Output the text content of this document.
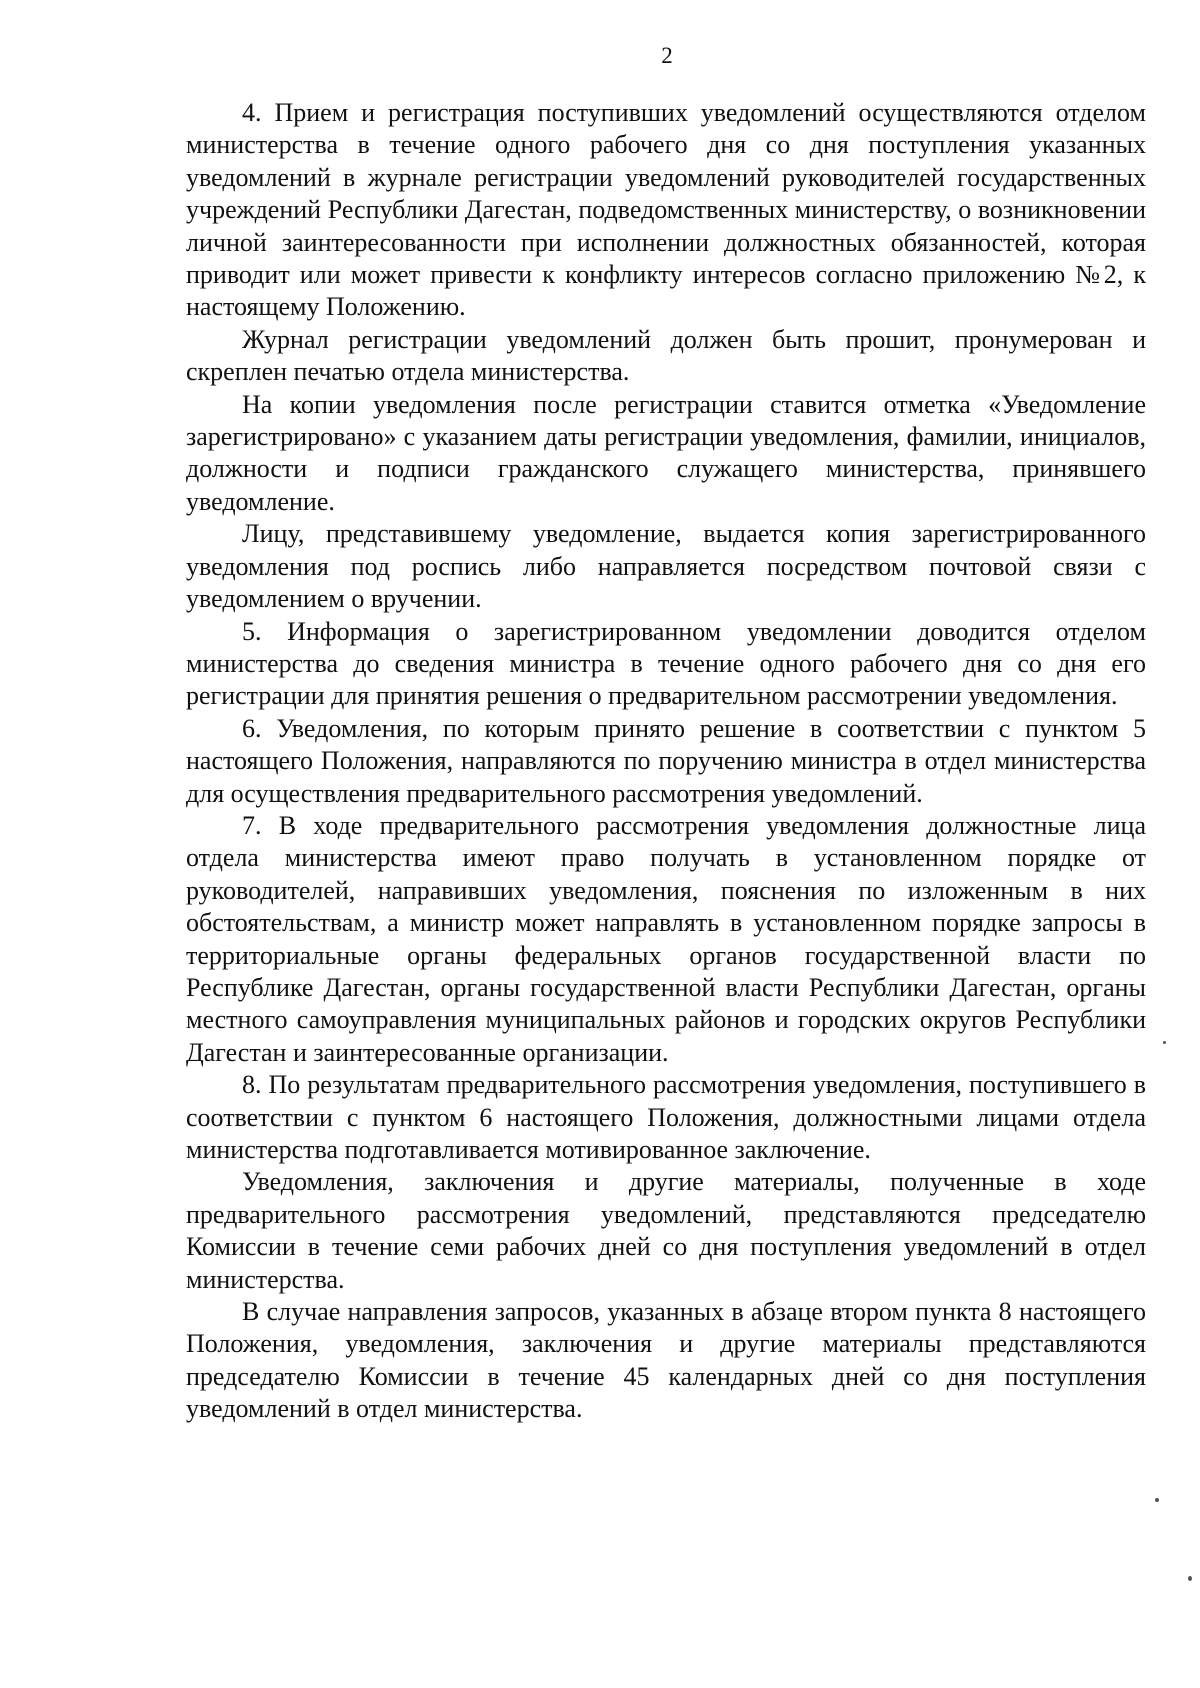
2

4. Прием и регистрация поступивших уведомлений осуществляются отделом министерства в течение одного рабочего дня со дня поступления указанных уведомлений в журнале регистрации уведомлений руководителей государственных учреждений Республики Дагестан, подведомственных министерству, о возникновении личной заинтересованности при исполнении должностных обязанностей, которая приводит или может привести к конфликту интересов согласно приложению №2, к настоящему Положению.

Журнал регистрации уведомлений должен быть прошит, пронумерован и скреплен печатью отдела министерства.

На копии уведомления после регистрации ставится отметка «Уведомление зарегистрировано» с указанием даты регистрации уведомления, фамилии, инициалов, должности и подписи гражданского служащего министерства, принявшего уведомление.

Лицу, представившему уведомление, выдается копия зарегистрированного уведомления под роспись либо направляется посредством почтовой связи с уведомлением о вручении.

5. Информация о зарегистрированном уведомлении доводится отделом министерства до сведения министра в течение одного рабочего дня со дня его регистрации для принятия решения о предварительном рассмотрении уведомления.

6. Уведомления, по которым принято решение в соответствии с пунктом 5 настоящего Положения, направляются по поручению министра в отдел министерства для осуществления предварительного рассмотрения уведомлений.

7. В ходе предварительного рассмотрения уведомления должностные лица отдела министерства имеют право получать в установленном порядке от руководителей, направивших уведомления, пояснения по изложенным в них обстоятельствам, а министр может направлять в установленном порядке запросы в территориальные органы федеральных органов государственной власти по Республике Дагестан, органы государственной власти Республики Дагестан, органы местного самоуправления муниципальных районов и городских округов Республики Дагестан и заинтересованные организации.

8. По результатам предварительного рассмотрения уведомления, поступившего в соответствии с пунктом 6 настоящего Положения, должностными лицами отдела министерства подготавливается мотивированное заключение.

Уведомления, заключения и другие материалы, полученные в ходе предварительного рассмотрения уведомлений, представляются председателю Комиссии в течение семи рабочих дней со дня поступления уведомлений в отдел министерства.

В случае направления запросов, указанных в абзаце втором пункта 8 настоящего Положения, уведомления, заключения и другие материалы представляются председателю Комиссии в течение 45 календарных дней со дня поступления уведомлений в отдел министерства.
